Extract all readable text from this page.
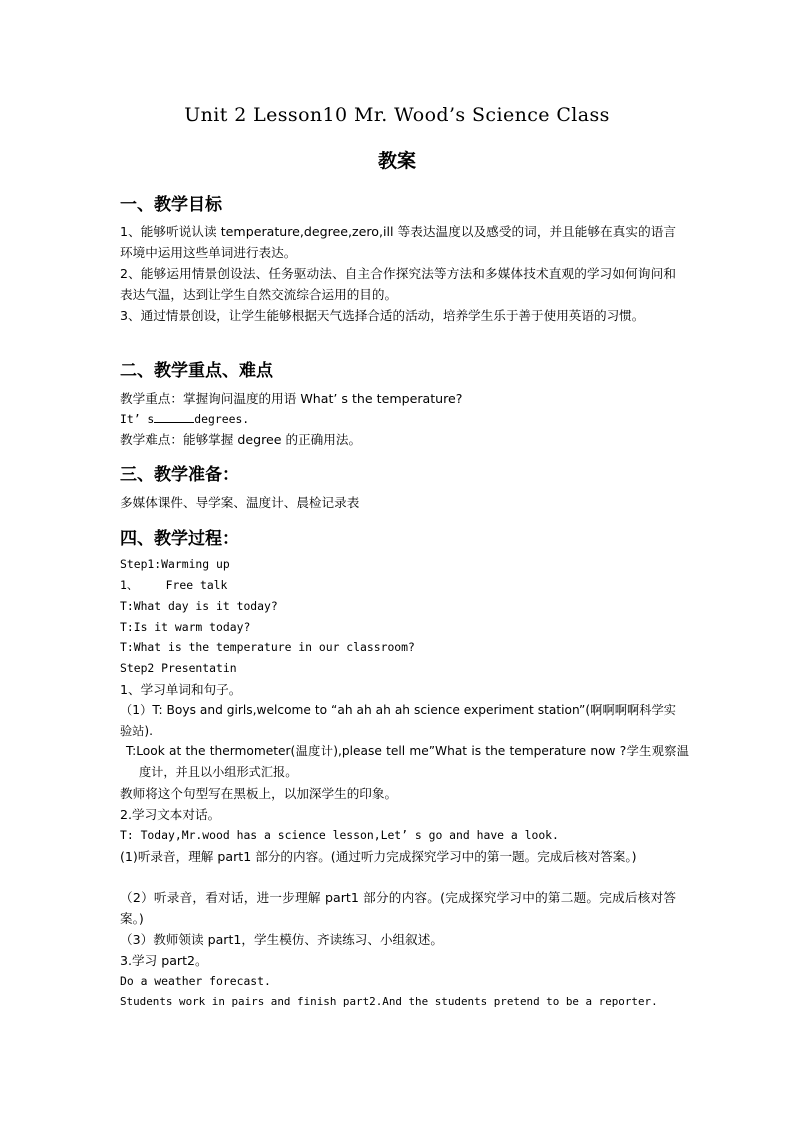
Unit 2 Lesson10 Mr. Wood’s Science Class
教案
一、教学目标
1、能够听说认读 temperature,degree,zero,ill 等表达温度以及感受的词，并且能够在真实的语言环境中运用这些单词进行表达。
2、能够运用情景创设法、任务驱动法、自主合作探究法等方法和多媒体技术直观的学习如何询问和表达气温，达到让学生自然交流综合运用的目的。
3、通过情景创设，让学生能够根据天气选择合适的活动，培养学生乐于善于使用英语的习惯。
二、教学重点、难点
教学重点：掌握询问温度的用语 What’ s the temperature?
It’ s	degrees.
教学难点：能够掌握 degree 的正确用法。
三、教学准备：
多媒体课件、导学案、温度计、晨检记录表
四、教学过程：
Step1:Warming up
1、    Free talk
T:What day is it today?
T:Is it warm today?
T:What is the temperature in our classroom?
Step2 Presentatin
1、学习单词和句子。
（1）T: Boys and girls,welcome to “ah ah ah ah science experiment station”(啊啊啊啊科学实验站).
T:Look at the thermometer(温度计),please tell me”What is the temperature now ?学生观察温度计，并且以小组形式汇报。
教师将这个句型写在黑板上，以加深学生的印象。
2.学习文本对话。
T: Today,Mr.wood has a science lesson,Let’ s go and have a look.
(1)听录音，理解 part1 部分的内容。(通过听力完成探究学习中的第一题。完成后核对答案。)
（2）听录音，看对话，进一步理解 part1 部分的内容。(完成探究学习中的第二题。完成后核对答案。)
（3）教师领读 part1，学生模仿、齐读练习、小组叙述。
3.学习 part2。
Do a weather forecast.
Students work in pairs and finish part2.And the students pretend to be a reporter.
